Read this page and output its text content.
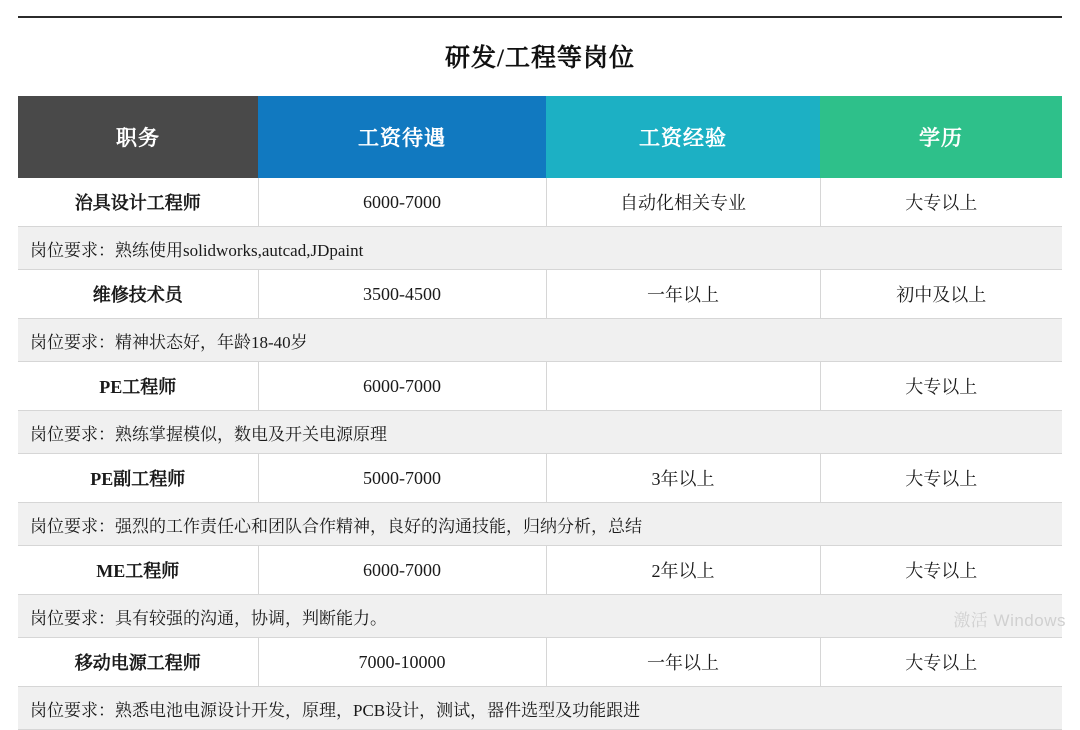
研发/工程等岗位
职务	工资待遇	工资经验	学历
治具设计工程师	6000-7000	自动化相关专业	大专以上
岗位要求：熟练使用solidworks,autcad,JDpaint			
维修技术员	3500-4500	一年以上	初中及以上
岗位要求：精神状态好，年龄18-40岁			
PE工程师	6000-7000		大专以上
岗位要求：熟练掌握模似，数电及开关电源原理			
PE副工程师	5000-7000	3年以上	大专以上
岗位要求：强烈的工作责任心和团队合作精神，良好的沟通技能，归纳分析，总结			
ME工程师	6000-7000	2年以上	大专以上
岗位要求：具有较强的沟通，协调，判断能力。			
移动电源工程师	7000-10000	一年以上	大专以上
岗位要求：熟悉电池电源设计开发，原理，PCB设计，测试，器件选型及功能跟进			
激活 Windows
